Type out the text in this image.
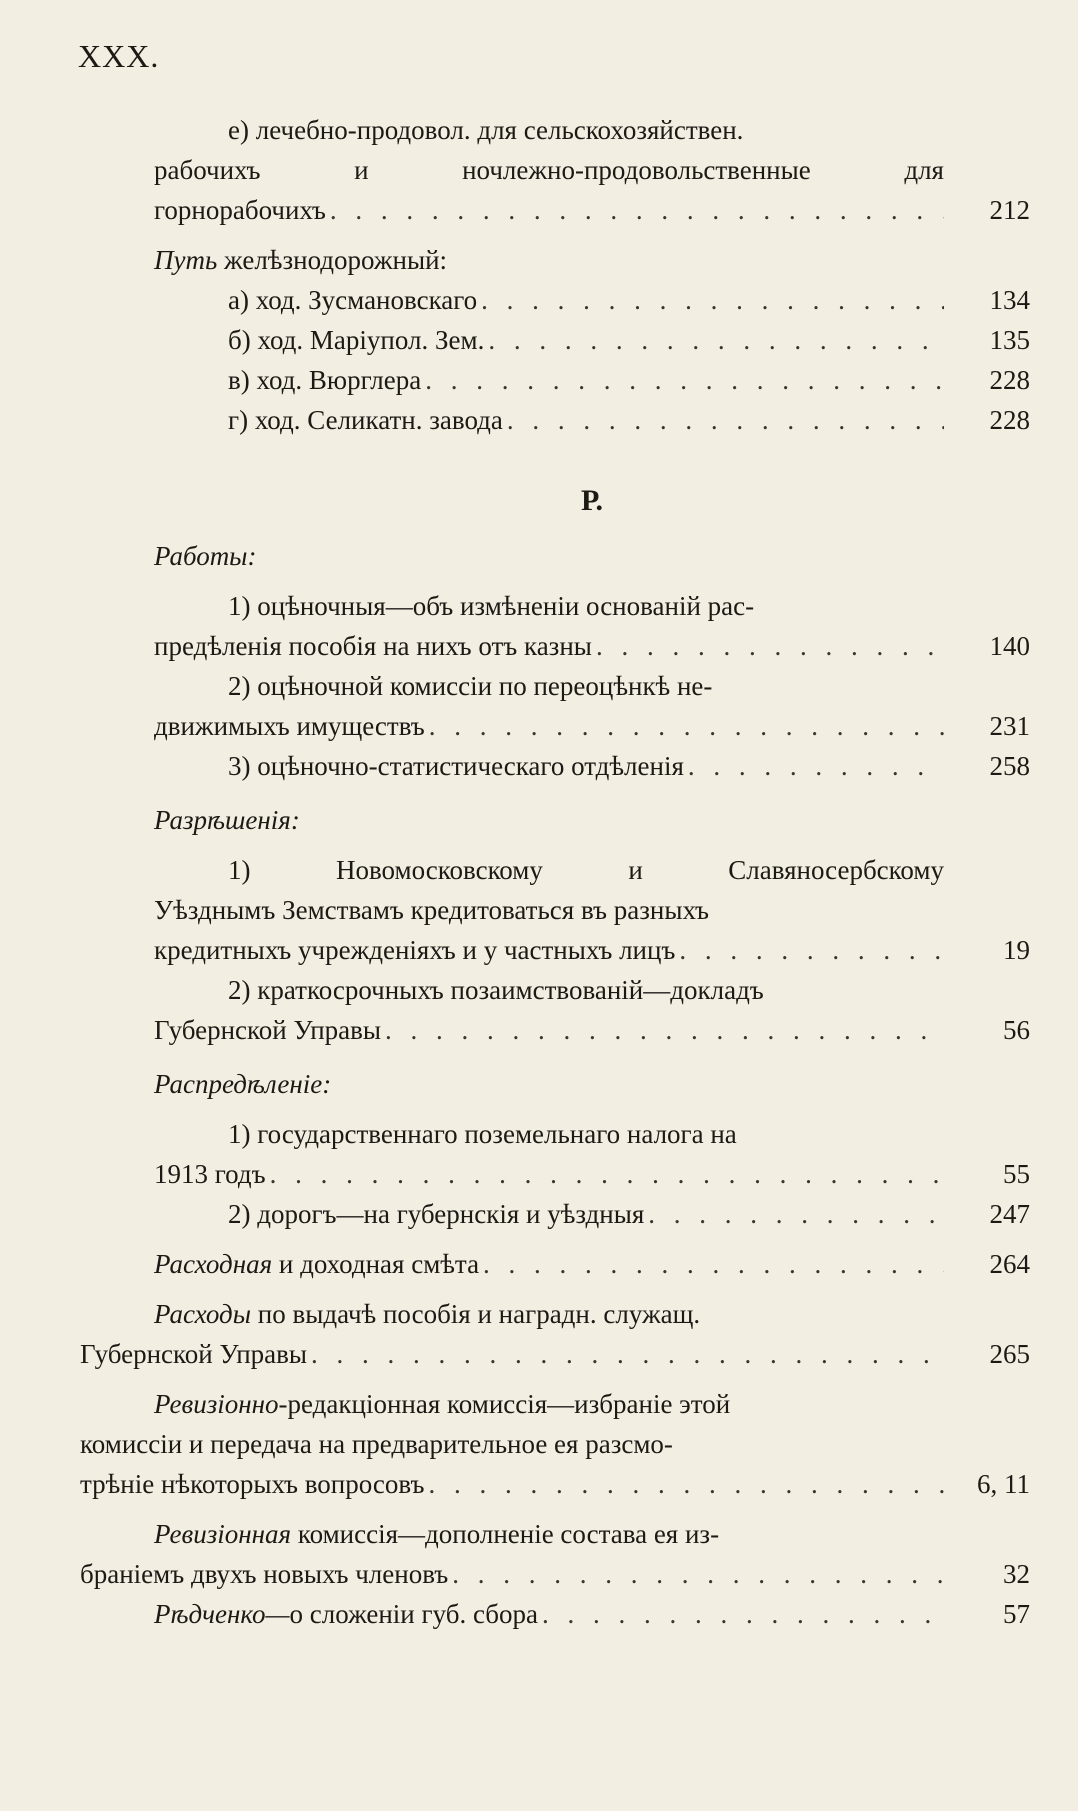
XXX.
е) лечебно-продовол. для сельскохозяйствен.
рабочихъ	и	ночлежно-продовольственные	для
горнорабочихъ . . .	212
Путь желѣзнодорожный:
а) ход. Зусмановскаго . . .	134
б) ход. Маріупол. Зем. . . .	135
в) ход. Вюрглера . . .	228
г) ход. Селикатн. завода . . .	228
Р.
Работы:
1) оцѣночныя—объ измѣненіи основаній рас-
предѣленія пособія на нихъ отъ казны . . .	140
2) оцѣночной комиссіи по переоцѣнкѣ не-
движимыхъ имуществъ . . .	231
3) оцѣночно-статистическаго отдѣленія . . .	258
Разрѣшенія:
1)	Новомосковскому	и	Славяносербскому
Уѣзднымъ Земствамъ кредитоваться въ разныхъ
кредитныхъ учрежденіяхъ и у частныхъ лицъ . . .	19
2) краткосрочныхъ позаимствованій—докладъ
Губернской Управы . . .	56
Распредѣленіе:
1) государственнаго поземельнаго налога на
1913 годъ . . .	55
2) дорогъ—на губернскія и уѣздныя . . .	247
Расходная и доходная смѣта . . .	264
Расходы по выдачѣ пособія и наградн. служащ.
Губернской Управы . . .	265
Ревизіонно-редакціонная комиссія—избраніе этой
комиссіи и передача на предварительное ея разсмо-
трѣніе нѣкоторыхъ вопросовъ . . .	6, 11
Ревизіонная комиссія—дополненіе состава ея из-
браніемъ двухъ новыхъ членовъ . . .	32
Рѣдченко—о сложеніи губ. сбора . . .	57
